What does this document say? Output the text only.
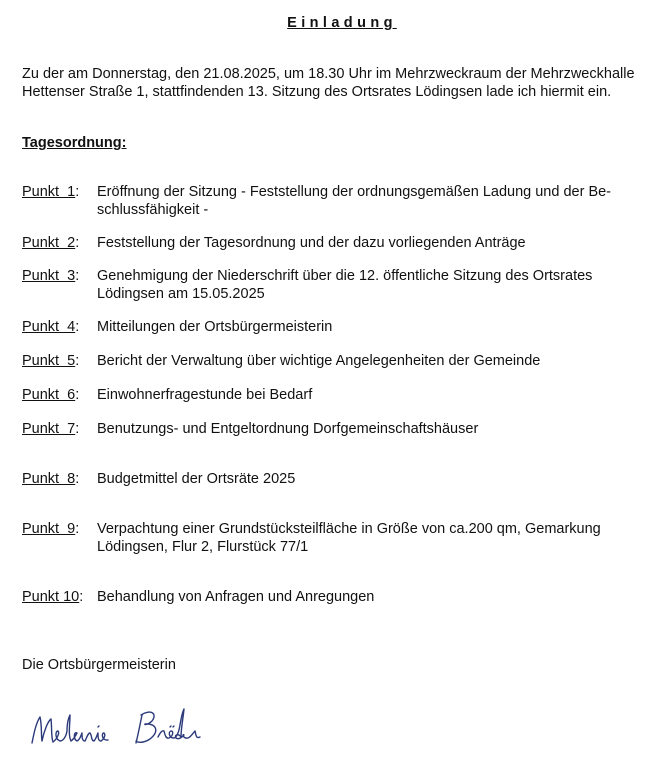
Einladung

Zu der am Donnerstag, den 21.08.2025, um 18.30 Uhr im Mehrzweckraum der Mehrzweckhalle

Hettenser Straße 1, stattfindenden 13. Sitzung des Ortsrates Lödingsen lade ich hiermit ein.

Tagesordnung:
Punkt  1: Eröffnung der Sitzung - Feststellung der ordnungsgemäßen Ladung und der Be-
schlussfähigkeit -
Punkt  2: Feststellung der Tagesordnung und der dazu vorliegenden Anträge
Punkt  3: Genehmigung der Niederschrift über die 12. öffentliche Sitzung des Ortsrates
Lödingsen am 15.05.2025
Punkt  4: Mitteilungen der Ortsbürgermeisterin
Punkt  5: Bericht der Verwaltung über wichtige Angelegenheiten der Gemeinde
Punkt  6: Einwohnerfragestunde bei Bedarf
Punkt  7: Benutzungs- und Entgeltordnung Dorfgemeinschaftshäuser
Punkt  8: Budgetmittel der Ortsräte 2025
Punkt  9: Verpachtung einer Grundstücksteilfläche in Größe von ca.200 qm, Gemarkung
Lödingsen, Flur 2, Flurstück 77/1
Punkt 10: Behandlung von Anfragen und Anregungen
Die Ortsbürgermeisterin
